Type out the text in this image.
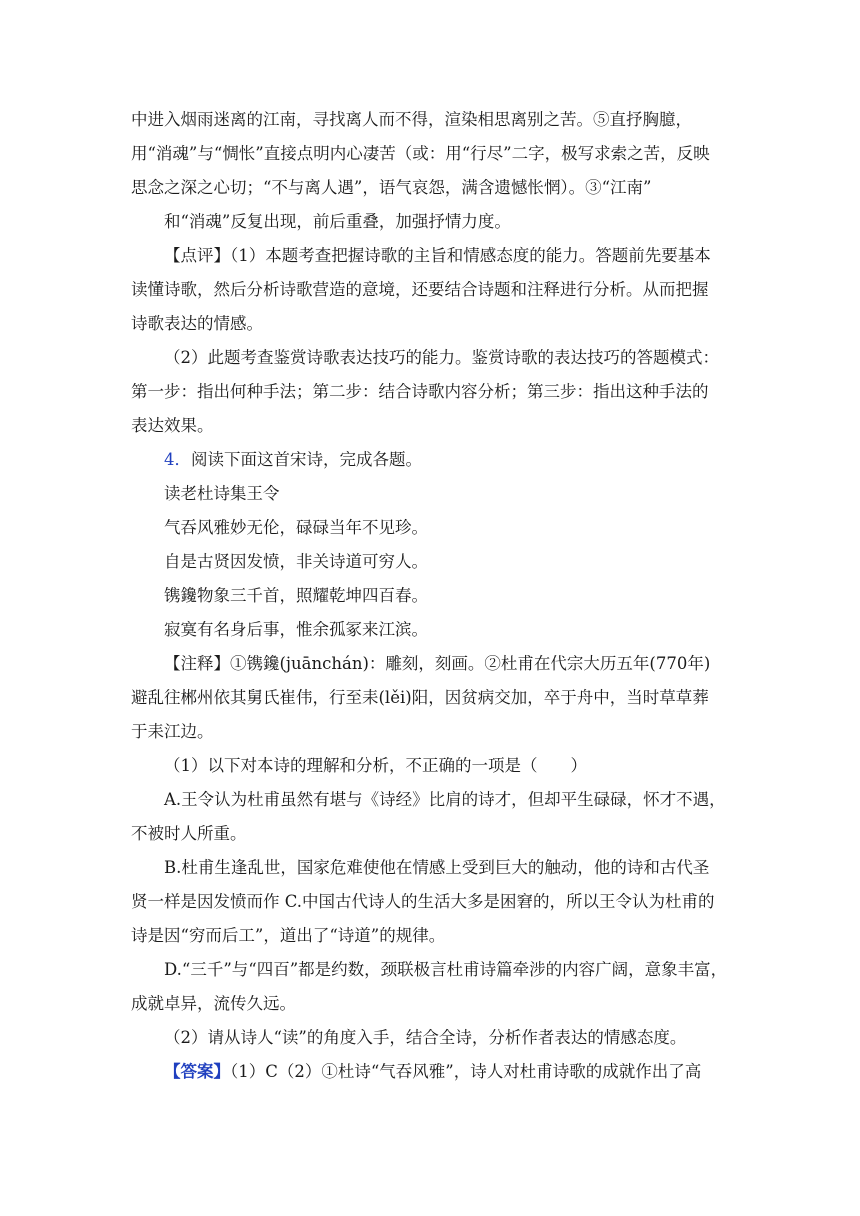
中进入烟雨迷离的江南，寻找离人而不得，渲染相思离别之苦。⑤直抒胸臆，
用“消魂”与“惆怅”直接点明内心凄苦（或：用“行尽”二字，极写求索之苦，反映
思念之深之心切；“不与离人遇”，语气哀怨，满含遗憾怅惘）。③“江南”
和“消魂”反复出现，前后重叠，加强抒情力度。
【点评】（1）本题考查把握诗歌的主旨和情感态度的能力。答题前先要基本
读懂诗歌，然后分析诗歌营造的意境，还要结合诗题和注释进行分析。从而把握
诗歌表达的情感。
（2）此题考查鉴赏诗歌表达技巧的能力。鉴赏诗歌的表达技巧的答题模式：
第一步：指出何种手法；第二步：结合诗歌内容分析；第三步：指出这种手法的
表达效果。
4．阅读下面这首宋诗，完成各题。
读老杜诗集王令
气吞风雅妙无伦，碌碌当年不见珍。
自是古贤因发愤，非关诗道可穷人。
镌鑱物象三千首，照耀乾坤四百春。
寂寞有名身后事，惟余孤冢来江滨。
【注释】①镌鑱(juānchán)：雕刻，刻画。②杜甫在代宗大历五年(770年)
避乱往郴州依其舅氏崔伟，行至耒(lěi)阳，因贫病交加，卒于舟中，当时草草葬
于耒江边。
（1）以下对本诗的理解和分析，不正确的一项是（　　）
A.王令认为杜甫虽然有堪与《诗经》比肩的诗才，但却平生碌碌，怀才不遇，
不被时人所重。
B.杜甫生逢乱世，国家危难使他在情感上受到巨大的触动，他的诗和古代圣
贤一样是因发愤而作 C.中国古代诗人的生活大多是困窘的，所以王令认为杜甫的
诗是因“穷而后工”，道出了“诗道”的规律。
D.“三千”与“四百”都是约数，颈联极言杜甫诗篇牵涉的内容广阔，意象丰富，
成就卓异，流传久远。
（2）请从诗人“读”的角度入手，结合全诗，分析作者表达的情感态度。
【答案】（1）C（2）①杜诗“气吞风雅”，诗人对杜甫诗歌的成就作出了高
